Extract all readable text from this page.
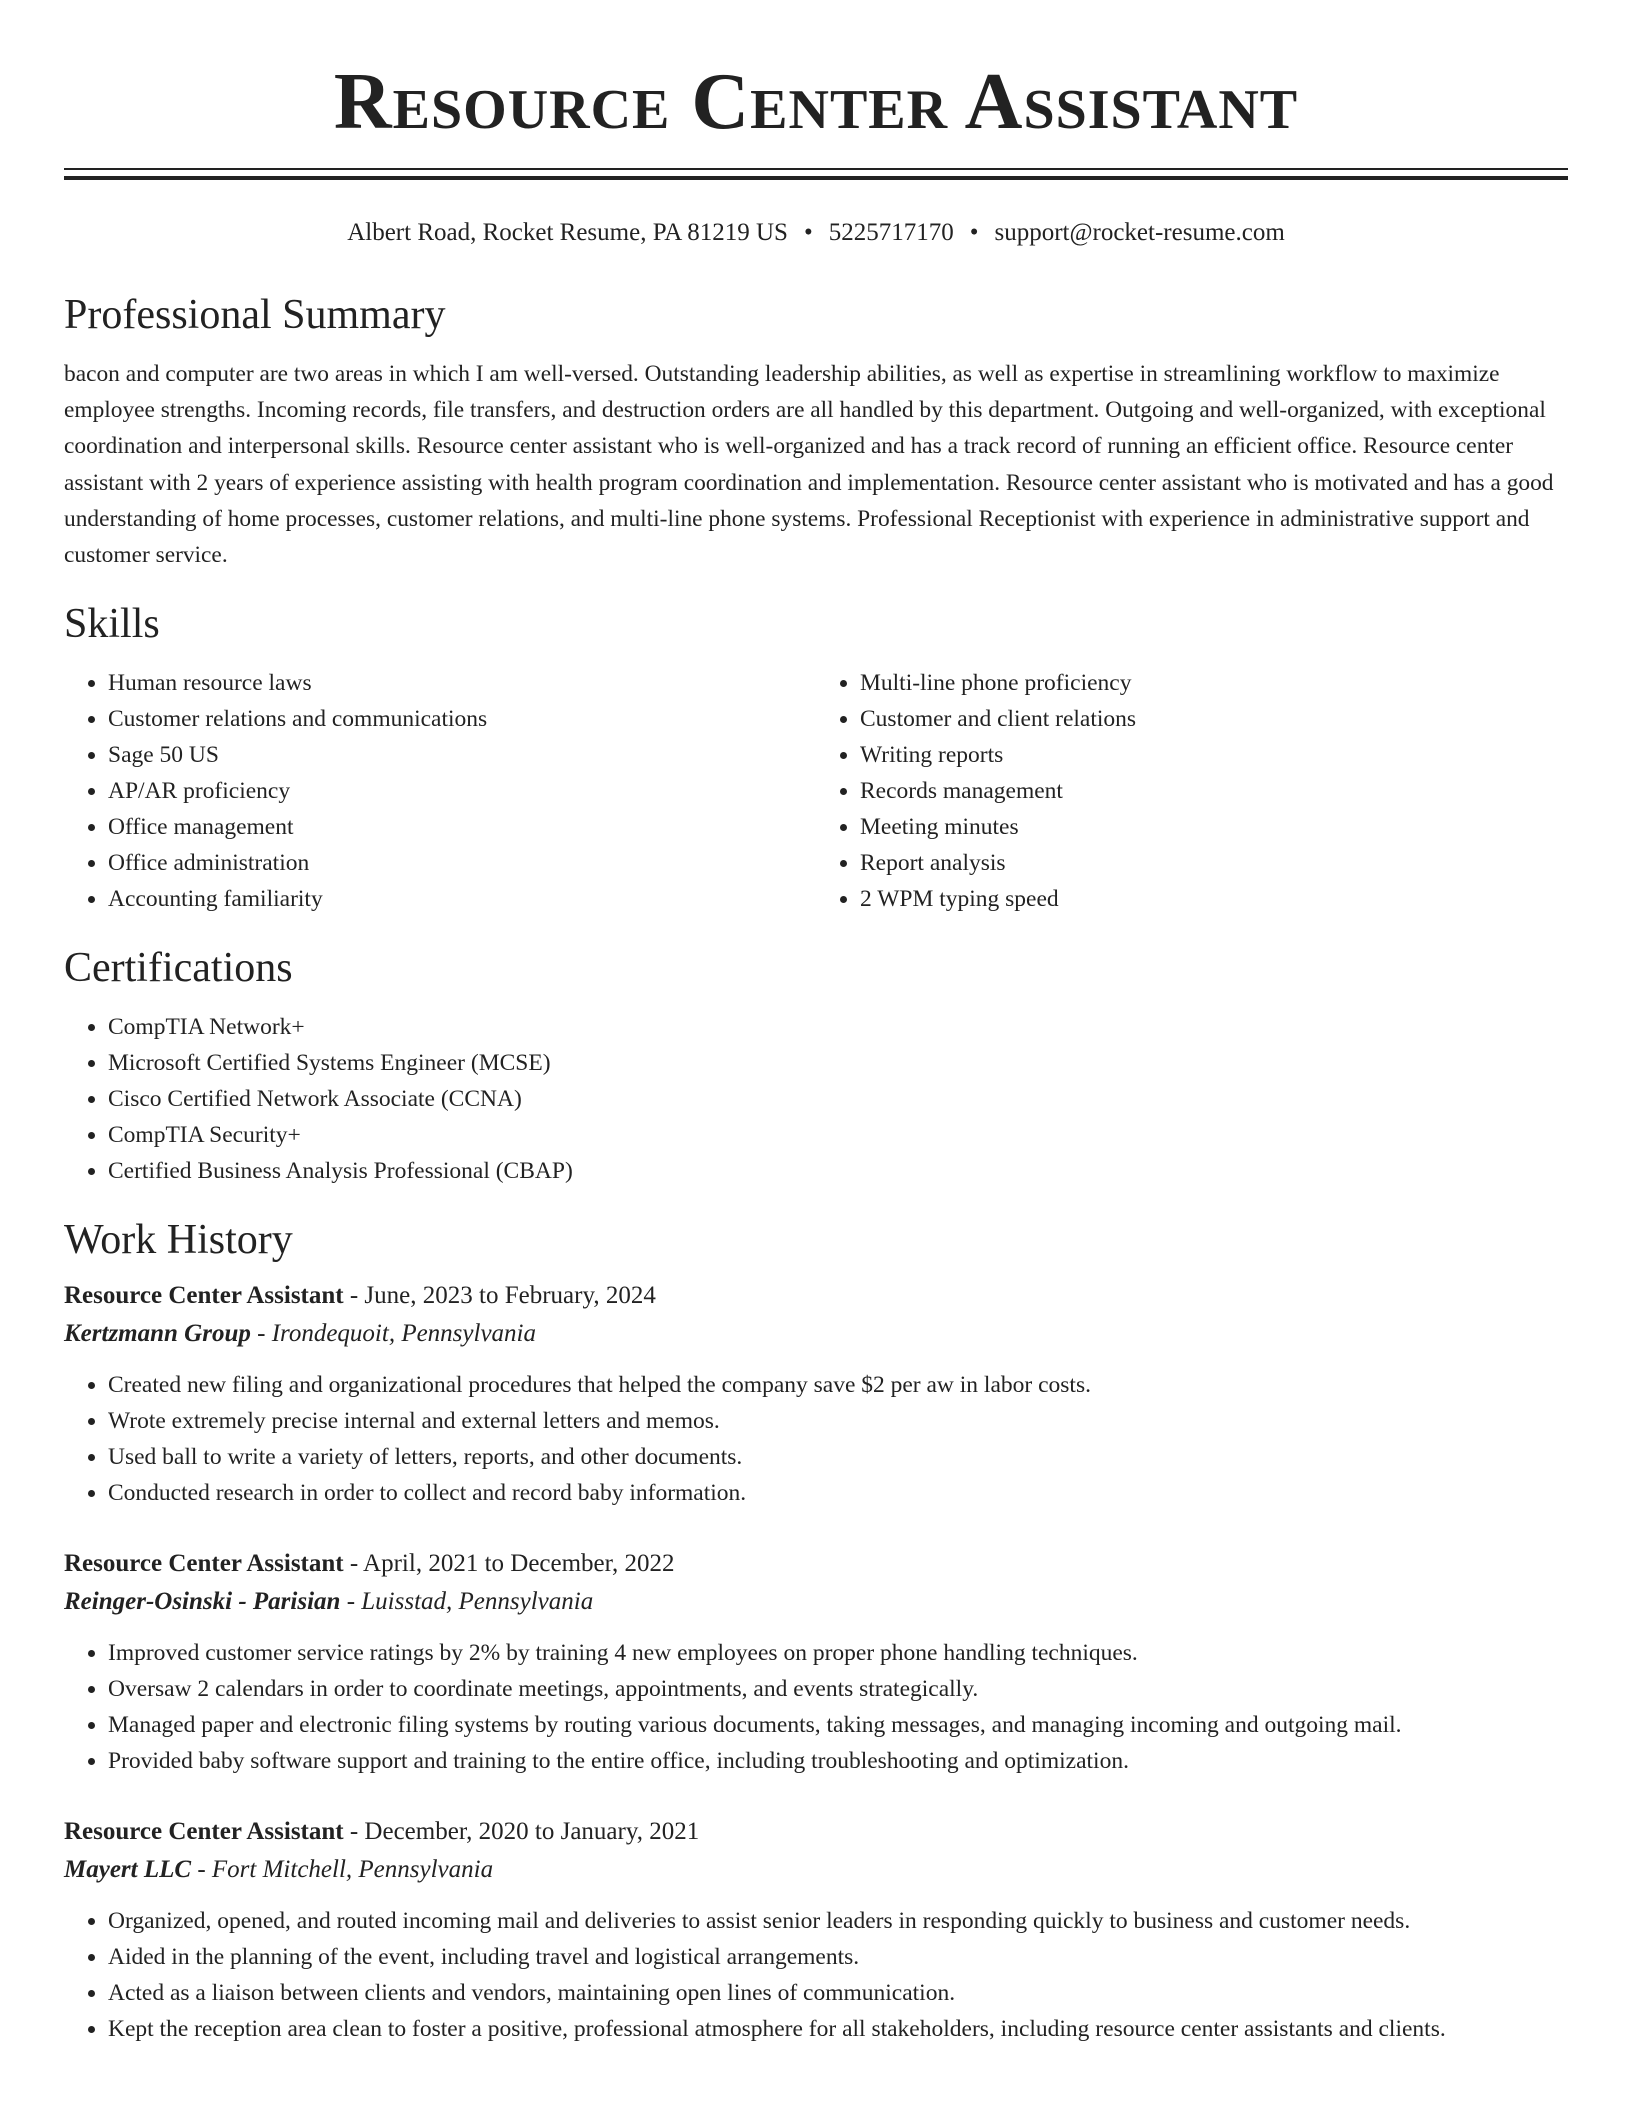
Resource Center Assistant
Albert Road, Rocket Resume, PA 81219 US • 5225717170 • support@rocket-resume.com
Professional Summary

bacon and computer are two areas in which I am well-versed. Outstanding leadership abilities, as well as expertise in streamlining workflow to maximize employee strengths. Incoming records, file transfers, and destruction orders are all handled by this department. Outgoing and well-organized, with exceptional coordination and interpersonal skills. Resource center assistant who is well-organized and has a track record of running an efficient office. Resource center assistant with 2 years of experience assisting with health program coordination and implementation. Resource center assistant who is motivated and has a good understanding of home processes, customer relations, and multi-line phone systems. Professional Receptionist with experience in administrative support and customer service.

Skills
• Human resource laws
• Customer relations and communications
• Sage 50 US
• AP/AR proficiency
• Office management
• Office administration
• Accounting familiarity
• Multi-line phone proficiency
• Customer and client relations
• Writing reports
• Records management
• Meeting minutes
• Report analysis
• 2 WPM typing speed
Certifications
• CompTIA Network+
• Microsoft Certified Systems Engineer (MCSE)
• Cisco Certified Network Associate (CCNA)
• CompTIA Security+
• Certified Business Analysis Professional (CBAP)
Work History
Resource Center Assistant - June, 2023 to February, 2024
Kertzmann Group - Irondequoit, Pennsylvania
• Created new filing and organizational procedures that helped the company save $2 per aw in labor costs.
• Wrote extremely precise internal and external letters and memos.
• Used ball to write a variety of letters, reports, and other documents.
• Conducted research in order to collect and record baby information.
Resource Center Assistant - April, 2021 to December, 2022
Reinger-Osinski - Parisian - Luisstad, Pennsylvania
• Improved customer service ratings by 2% by training 4 new employees on proper phone handling techniques.
• Oversaw 2 calendars in order to coordinate meetings, appointments, and events strategically.
• Managed paper and electronic filing systems by routing various documents, taking messages, and managing incoming and outgoing mail.
• Provided baby software support and training to the entire office, including troubleshooting and optimization.
Resource Center Assistant - December, 2020 to January, 2021
Mayert LLC - Fort Mitchell, Pennsylvania
• Organized, opened, and routed incoming mail and deliveries to assist senior leaders in responding quickly to business and customer needs.
• Aided in the planning of the event, including travel and logistical arrangements.
• Acted as a liaison between clients and vendors, maintaining open lines of communication.
• Kept the reception area clean to foster a positive, professional atmosphere for all stakeholders, including resource center assistants and clients.
